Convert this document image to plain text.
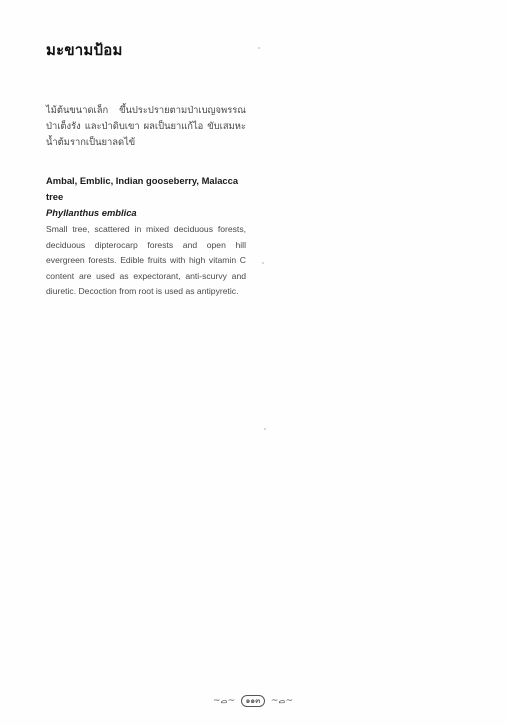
มะขามป้อม
ไม้ต้นขนาดเล็ก ขึ้นประปรายตามป่าเบญจพรรณ ป่าเต็งรัง และป่าดิบเขา ผลเป็นยาแก้ไอ ขับเสมหะ น้ำต้มรากเป็นยาลดไข้
Ambal, Emblic, Indian gooseberry, Malacca tree
Phyllanthus emblica
Small tree, scattered in mixed deciduous forests, deciduous dipterocarp forests and open hill evergreen forests. Edible fruits with high vitamin C content are used as expectorant, anti-scurvy and diuretic. Decoction from root is used as antipyretic.
~ࡇ~ ๑๑๓ ~ࡇ~
